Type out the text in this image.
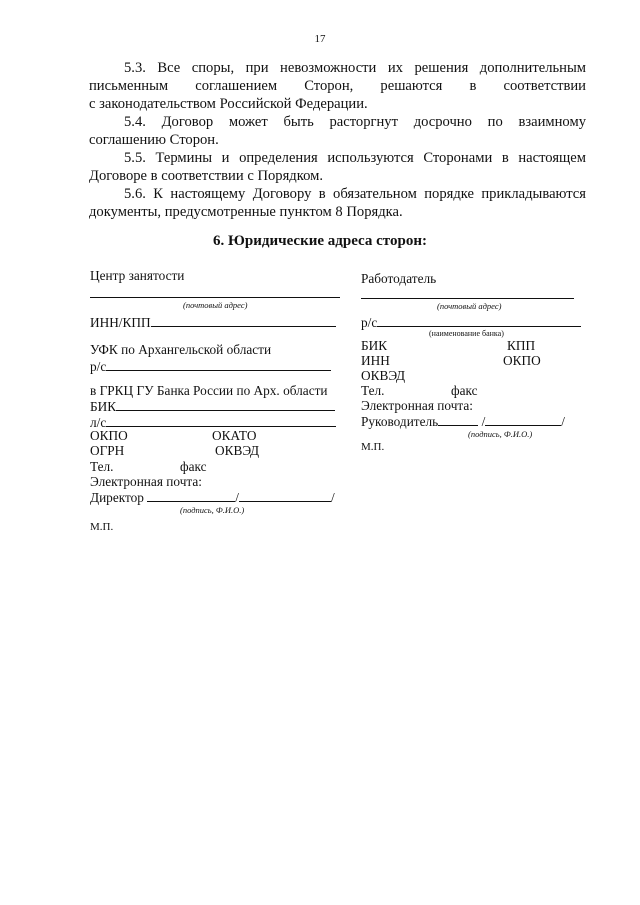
17
5.3. Все споры, при невозможности их решения дополнительным
письменным соглашением Сторон, решаются в соответствии
с законодательством Российской Федерации.
5.4. Договор может быть расторгнут досрочно по взаимному
соглашению Сторон.
5.5. Термины и определения используются Сторонами в настоящем
Договоре в соответствии с Порядком.
5.6. К настоящему Договору в обязательном порядке прикладываются
документы, предусмотренные пунктом 8 Порядка.
6. Юридические адреса сторон:
Центр занятости
(почтовый адрес)
ИНН/КПП
УФК по Архангельской области
р/с
в ГРКЦ ГУ Банка России по Арх. области
БИК
л/с
ОКПО	ОКАТО
ОГРН	ОКВЭД
Тел.	факс
Электронная почта:
Директор	/	/
(подпись, Ф.И.О.)
М.П.
Работодатель
(почтовый адрес)
р/с
(наименование банка)
БИК	КПП
ИНН	ОКПО
ОКВЭД
Тел.	факс
Электронная почта:
Руководитель	/	/
(подпись, Ф.И.О.)
М.П.
